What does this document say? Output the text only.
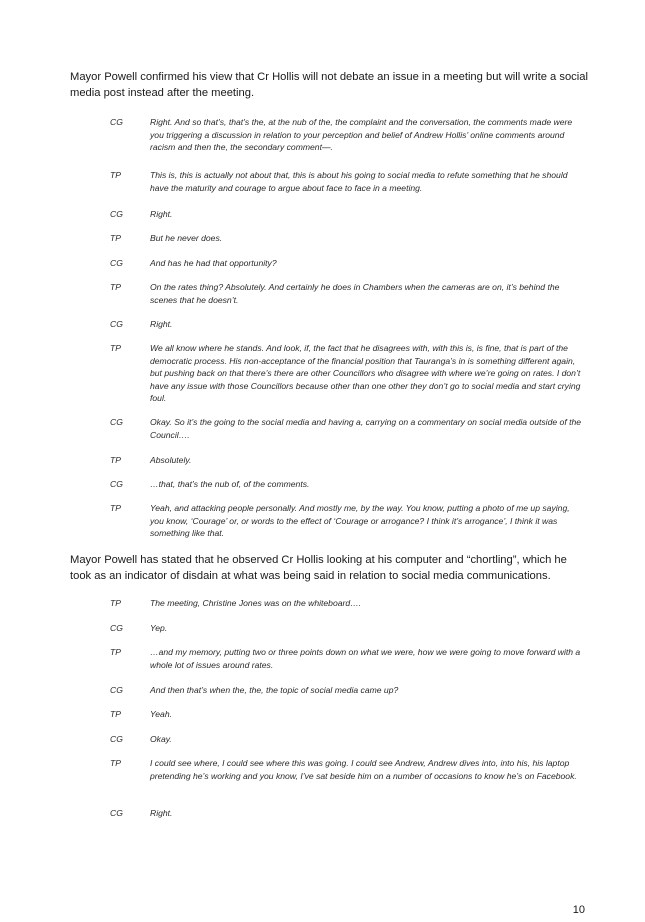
Mayor Powell confirmed his view that Cr Hollis will not debate an issue in a meeting but will write a social media post instead after the meeting.
CG	Right. And so that’s, that’s the, at the nub of the, the complaint and the conversation, the comments made were you triggering a discussion in relation to your perception and belief of Andrew Hollis’ online comments around racism and then the, the secondary comment—.
TP	This is, this is actually not about that, this is about his going to social media to refute something that he should have the maturity and courage to argue about face to face in a meeting.
CG	Right.
TP	But he never does.
CG	And has he had that opportunity?
TP	On the rates thing? Absolutely. And certainly he does in Chambers when the cameras are on, it’s behind the scenes that he doesn’t.
CG	Right.
TP	We all know where he stands. And look, if, the fact that he disagrees with, with this is, is fine, that is part of the democratic process. His non-acceptance of the financial position that Tauranga’s in is something different again, but pushing back on that there’s there are other Councillors who disagree with where we’re going on rates. I don’t have any issue with those Councillors because other than one other they don’t go to social media and start crying foul.
CG	Okay. So it’s the going to the social media and having a, carrying on a commentary on social media outside of the Council….
TP	Absolutely.
CG	…that, that’s the nub of, of the comments.
TP	Yeah, and attacking people personally. And mostly me, by the way. You know, putting a photo of me up saying, you know, ‘Courage’ or, or words to the effect of ‘Courage or arrogance? I think it’s arrogance’, I think it was something like that.
Mayor Powell has stated that he observed Cr Hollis looking at his computer and “chortling”, which he took as an indicator of disdain at what was being said in relation to social media communications.
TP	The meeting, Christine Jones was on the whiteboard….
CG	Yep.
TP	…and my memory, putting two or three points down on what we were, how we were going to move forward with a whole lot of issues around rates.
CG	And then that’s when the, the, the topic of social media came up?
TP	Yeah.
CG	Okay.
TP	I could see where, I could see where this was going. I could see Andrew, Andrew dives into, into his, his laptop pretending he’s working and you know, I’ve sat beside him on a number of occasions to know he’s on Facebook.
CG	Right.
10
